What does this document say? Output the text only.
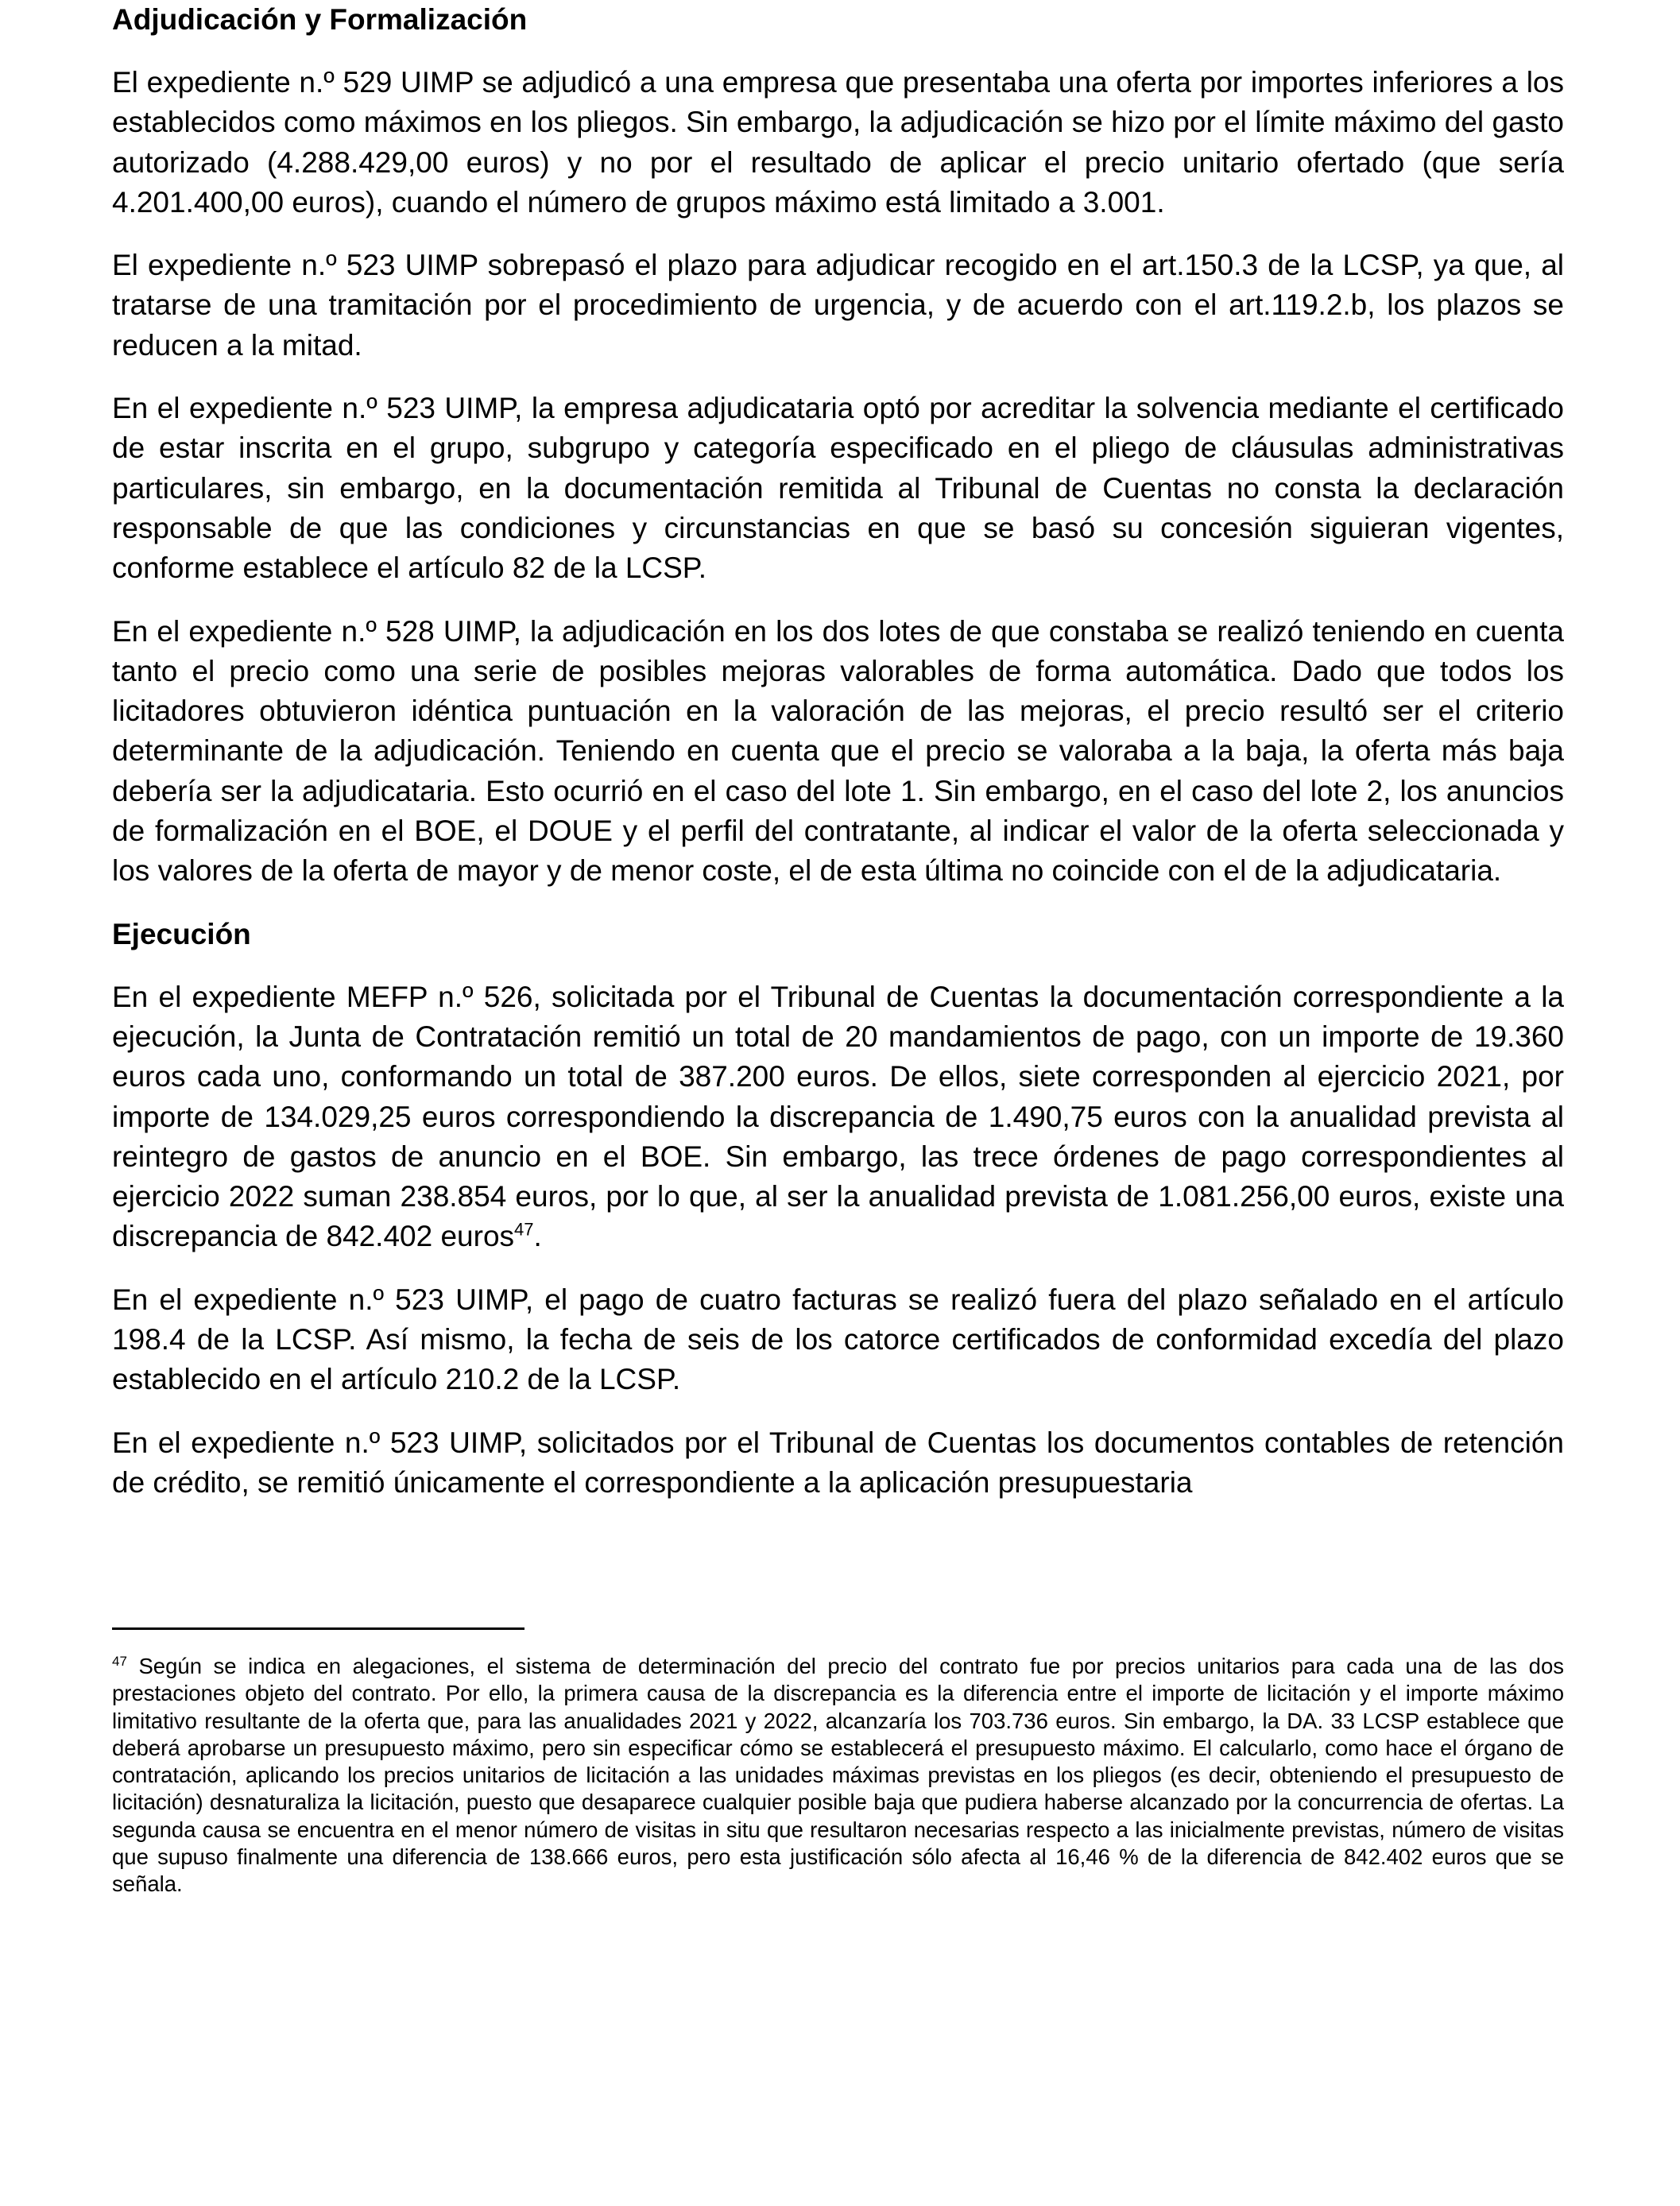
Adjudicación y Formalización

El expediente n.º 529 UIMP se adjudicó a una empresa que presentaba una oferta por importes inferiores a los establecidos como máximos en los pliegos. Sin embargo, la adjudicación se hizo por el límite máximo del gasto autorizado (4.288.429,00 euros) y no por el resultado de aplicar el precio unitario ofertado (que sería 4.201.400,00 euros), cuando el número de grupos máximo está limitado a 3.001.

El expediente n.º 523 UIMP sobrepasó el plazo para adjudicar recogido en el art.150.3 de la LCSP, ya que, al tratarse de una tramitación por el procedimiento de urgencia, y de acuerdo con el art.119.2.b, los plazos se reducen a la mitad.

En el expediente n.º 523 UIMP, la empresa adjudicataria optó por acreditar la solvencia mediante el certificado de estar inscrita en el grupo, subgrupo y categoría especificado en el pliego de cláusulas administrativas particulares, sin embargo, en la documentación remitida al Tribunal de Cuentas no consta la declaración responsable de que las condiciones y circunstancias en que se basó su concesión siguieran vigentes, conforme establece el artículo 82 de la LCSP.

En el expediente n.º 528 UIMP, la adjudicación en los dos lotes de que constaba se realizó teniendo en cuenta tanto el precio como una serie de posibles mejoras valorables de forma automática. Dado que todos los licitadores obtuvieron idéntica puntuación en la valoración de las mejoras, el precio resultó ser el criterio determinante de la adjudicación. Teniendo en cuenta que el precio se valoraba a la baja, la oferta más baja debería ser la adjudicataria. Esto ocurrió en el caso del lote 1. Sin embargo, en el caso del lote 2, los anuncios de formalización en el BOE, el DOUE y el perfil del contratante, al indicar el valor de la oferta seleccionada y los valores de la oferta de mayor y de menor coste, el de esta última no coincide con el de la adjudicataria.

Ejecución

En el expediente MEFP n.º 526, solicitada por el Tribunal de Cuentas la documentación correspondiente a la ejecución, la Junta de Contratación remitió un total de 20 mandamientos de pago, con un importe de 19.360 euros cada uno, conformando un total de 387.200 euros. De ellos, siete corresponden al ejercicio 2021, por importe de 134.029,25 euros correspondiendo la discrepancia de 1.490,75 euros con la anualidad prevista al reintegro de gastos de anuncio en el BOE. Sin embargo, las trece órdenes de pago correspondientes al ejercicio 2022 suman 238.854 euros, por lo que, al ser la anualidad prevista de 1.081.256,00 euros, existe una discrepancia de 842.402 euros$^{47}$.

En el expediente n.º 523 UIMP, el pago de cuatro facturas se realizó fuera del plazo señalado en el artículo 198.4 de la LCSP. Así mismo, la fecha de seis de los catorce certificados de conformidad excedía del plazo establecido en el artículo 210.2 de la LCSP.

En el expediente n.º 523 UIMP, solicitados por el Tribunal de Cuentas los documentos contables de retención de crédito, se remitió únicamente el correspondiente a la aplicación presupuestaria

$^{47}$ Según se indica en alegaciones, el sistema de determinación del precio del contrato fue por precios unitarios para cada una de las dos prestaciones objeto del contrato. Por ello, la primera causa de la discrepancia es la diferencia entre el importe de licitación y el importe máximo limitativo resultante de la oferta que, para las anualidades 2021 y 2022, alcanzaría los 703.736 euros. Sin embargo, la DA. 33 LCSP establece que deberá aprobarse un presupuesto máximo, pero sin especificar cómo se establecerá el presupuesto máximo. El calcularlo, como hace el órgano de contratación, aplicando los precios unitarios de licitación a las unidades máximas previstas en los pliegos (es decir, obteniendo el presupuesto de licitación) desnaturaliza la licitación, puesto que desaparece cualquier posible baja que pudiera haberse alcanzado por la concurrencia de ofertas. La segunda causa se encuentra en el menor número de visitas in situ que resultaron necesarias respecto a las inicialmente previstas, número de visitas que supuso finalmente una diferencia de 138.666 euros, pero esta justificación sólo afecta al 16,46 % de la diferencia de 842.402 euros que se señala.
